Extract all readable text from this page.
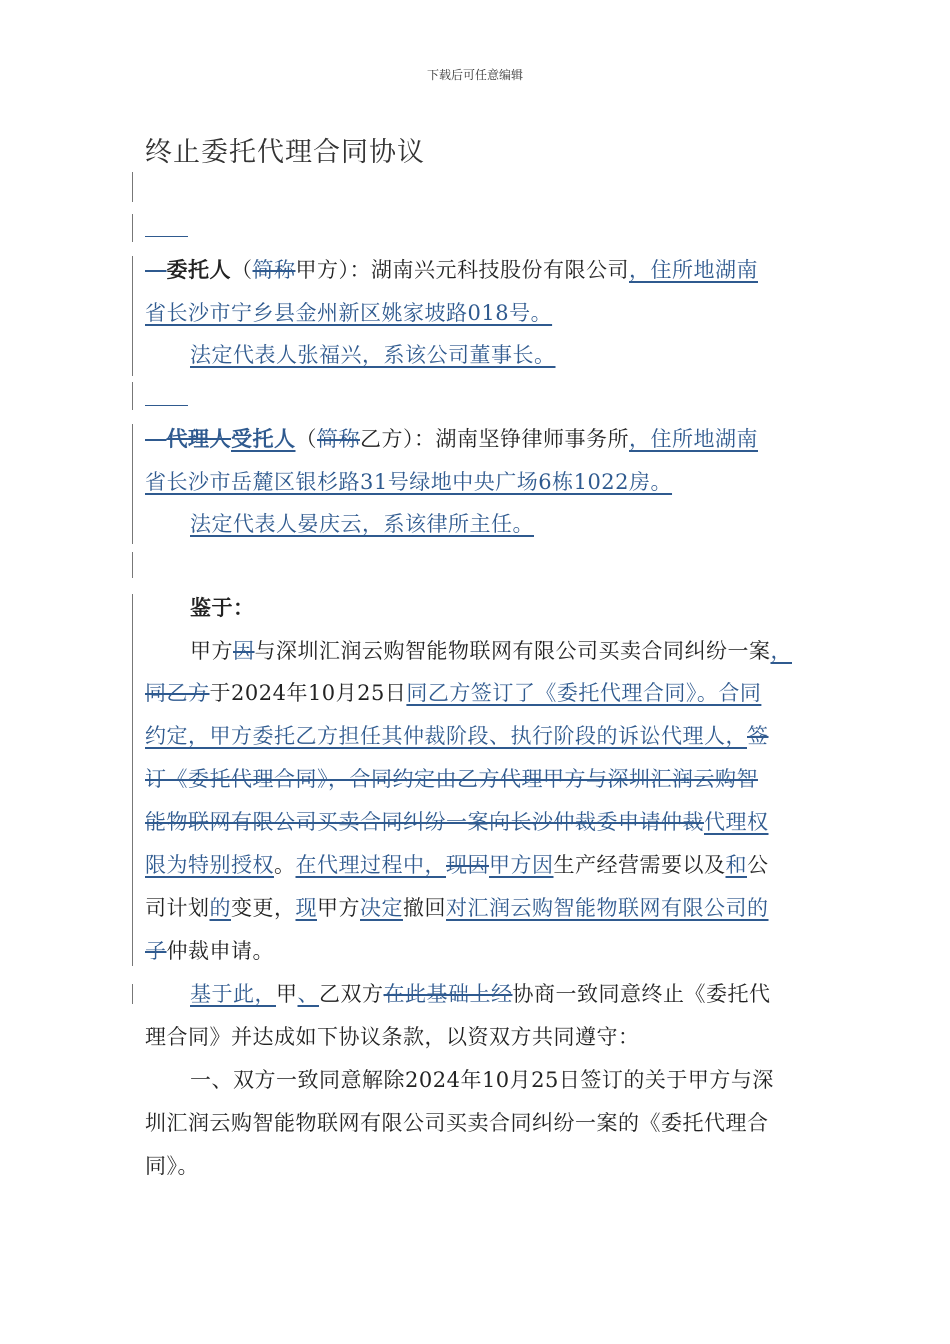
下载后可任意编辑
终止委托代理合同协议
—委托人（简称甲方）：湖南兴元科技股份有限公司，住所地湖南
省长沙市宁乡县金州新区姚家坡路018号。
法定代表人张福兴，系该公司董事长。
—代理人受托人（简称乙方）：湖南坚铮律师事务所，住所地湖南
省长沙市岳麓区银杉路31号绿地中央广场6栋1022房。
法定代表人晏庆云，系该律所主任。
鉴于：
甲方因与深圳汇润云购智能物联网有限公司买卖合同纠纷一案，
同乙方于2024年10月25日同乙方签订了《委托代理合同》。合同
约定，甲方委托乙方担任其仲裁阶段、执行阶段的诉讼代理人，签
订《委托代理合同》，合同约定由乙方代理甲方与深圳汇润云购智
能物联网有限公司买卖合同纠纷一案向长沙仲裁委申请仲裁代理权
限为特别授权。在代理过程中，现因甲方因生产经营需要以及和公
司计划的变更，现甲方决定撤回对汇润云购智能物联网有限公司的
子仲裁申请。
基于此，甲、乙双方在此基础上经协商一致同意终止《委托代
理合同》并达成如下协议条款，以资双方共同遵守：
一、双方一致同意解除2024年10月25日签订的关于甲方与深
圳汇润云购智能物联网有限公司买卖合同纠纷一案的《委托代理合
同》。
